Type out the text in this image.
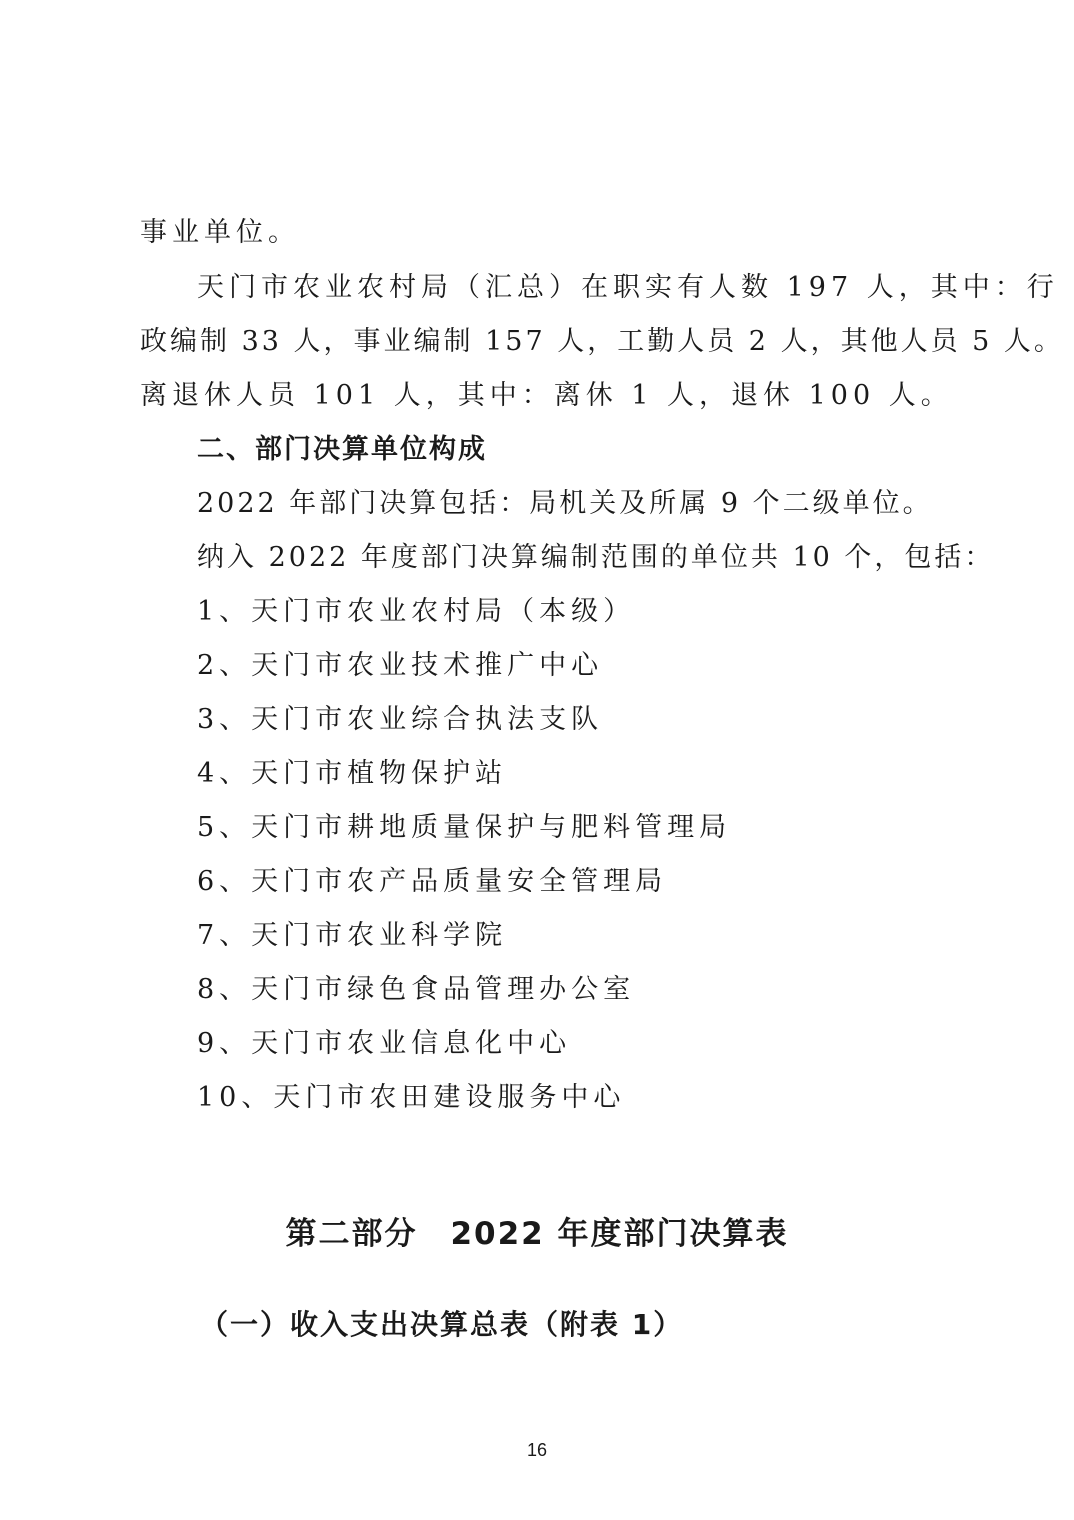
事业单位。
天门市农业农村局（汇总）在职实有人数 197 人，其中：行
政编制 33 人，事业编制 157 人，工勤人员 2 人，其他人员 5 人。
离退休人员 101 人，其中：离休 1 人，退休 100 人。
二、部门决算单位构成
2022 年部门决算包括：局机关及所属 9 个二级单位。
纳入 2022 年度部门决算编制范围的单位共 10 个，包括：
1、天门市农业农村局（本级）
2、天门市农业技术推广中心
3、天门市农业综合执法支队
4、天门市植物保护站
5、天门市耕地质量保护与肥料管理局
6、天门市农产品质量安全管理局
7、天门市农业科学院
8、天门市绿色食品管理办公室
9、天门市农业信息化中心
10、天门市农田建设服务中心
第二部分　2022 年度部门决算表
（一）收入支出决算总表（附表 1）
16
